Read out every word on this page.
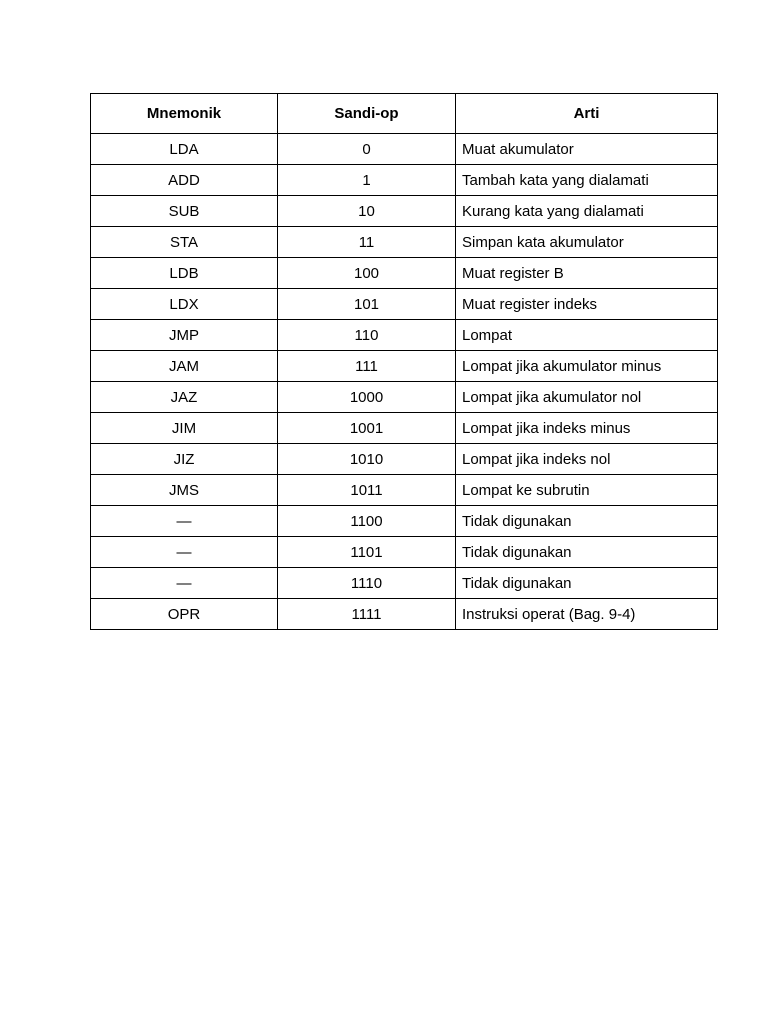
Mnemonik	Sandi-op	Arti
LDA	0	Muat akumulator
ADD	1	Tambah kata yang dialamati
SUB	10	Kurang kata yang dialamati
STA	11	Simpan kata akumulator
LDB	100	Muat register B
LDX	101	Muat register indeks
JMP	110	Lompat
JAM	111	Lompat jika akumulator minus
JAZ	1000	Lompat jika akumulator nol
JIM	1001	Lompat jika indeks minus
JIZ	1010	Lompat jika indeks nol
JMS	1011	Lompat ke subrutin
—	1100	Tidak digunakan
—	1101	Tidak digunakan
—	1110	Tidak digunakan
OPR	1111	Instruksi operat (Bag. 9-4)
